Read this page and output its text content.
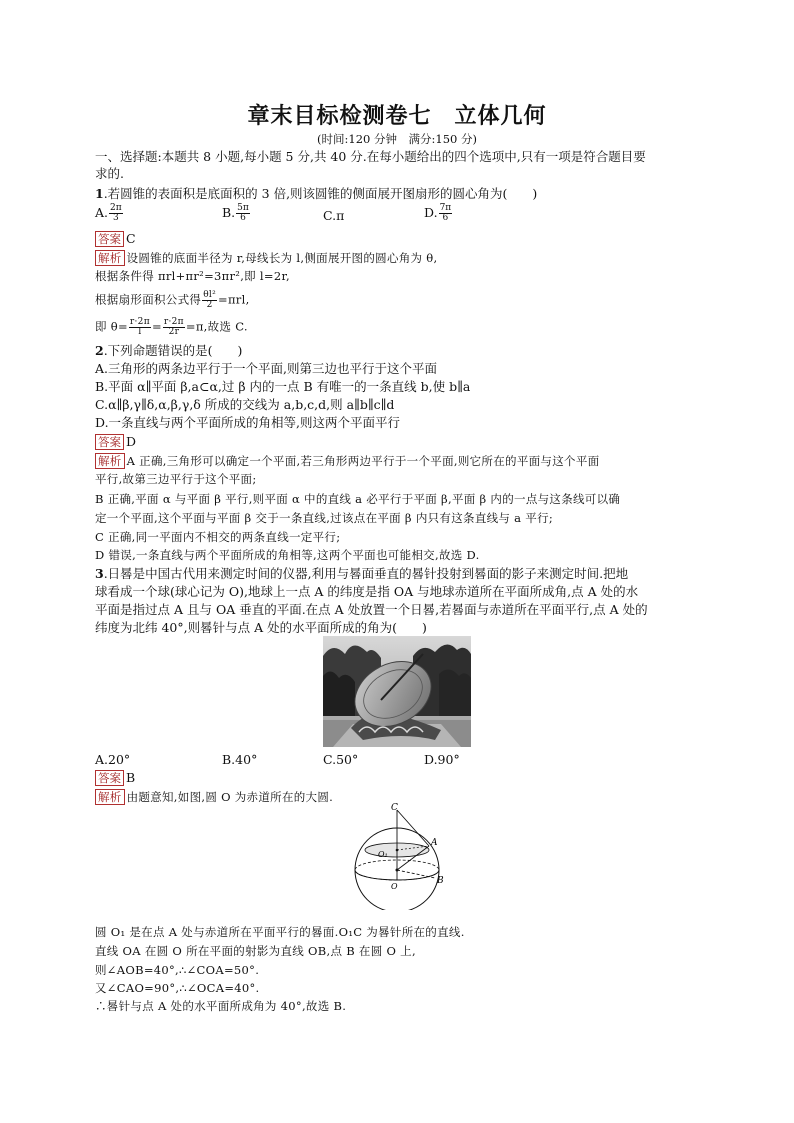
章末目标检测卷七　立体几何
(时间:120 分钟　满分:150 分)
一、选择题:本题共 8 小题,每小题 5 分,共 40 分.在每小题给出的四个选项中,只有一项是符合题目要
求的.
1.若圆锥的表面积是底面积的 3 倍,则该圆锥的侧面展开图扇形的圆心角为(　　)
A. $\frac{2\pi}{3}$	B. $\frac{5\pi}{6}$	C.π	D. $\frac{7\pi}{6}$
答案 C
解析 设圆锥的底面半径为 r,母线长为 l,侧面展开图的圆心角为 θ,
根据条件得 πrl+πr²=3πr²,即 l=2r,
根据扇形面积公式得 $\frac{\text{θl²}}{2} =\pi rl$,
即 $\theta= \frac{r\cdot 2\pi}{l} = \frac{r\cdot 2\pi}{2r} =\pi$,故选 C.
2.下列命题错误的是(　　)
A.三角形的两条边平行于一个平面,则第三边也平行于这个平面
B.平面 α∥平面 β,a⊂α,过 β 内的一点 B 有唯一的一条直线 b,使 b∥a
C.α∥β,γ∥δ,α,β,γ,δ 所成的交线为 a,b,c,d,则 a∥b∥c∥d
D.一条直线与两个平面所成的角相等,则这两个平面平行
答案 D
解析 A 正确,三角形可以确定一个平面,若三角形两边平行于一个平面,则它所在的平面与这个平面
平行,故第三边平行于这个平面;
B 正确,平面 α 与平面 β 平行,则平面 α 中的直线 a 必平行于平面 β,平面 β 内的一点与这条线可以确
定一个平面,这个平面与平面 β 交于一条直线,过该点在平面 β 内只有这条直线与 a 平行;
C 正确,同一平面内不相交的两条直线一定平行;
D 错误,一条直线与两个平面所成的角相等,这两个平面也可能相交,故选 D.
3.日晷是中国古代用来测定时间的仪器,利用与晷面垂直的晷针投射到晷面的影子来测定时间.把地
球看成一个球(球心记为 O),地球上一点 A 的纬度是指 OA 与地球赤道所在平面所成角,点 A 处的水
平面是指过点 A 且与 OA 垂直的平面.在点 A 处放置一个日晷,若晷面与赤道所在平面平行,点 A 处的
纬度为北纬 40°,则晷针与点 A 处的水平面所成的角为(　　)
A.20°	B.40°	C.50°	D.90°
答案 B
解析 由题意知,如图,圆 O 为赤道所在的大圆.
C
A
O₁
O
B
圆 O₁ 是在点 A 处与赤道所在平面平行的晷面.O₁C 为晷针所在的直线.
直线 OA 在圆 O 所在平面的射影为直线 OB,点 B 在圆 O 上,
则∠AOB=40°,∴∠COA=50°.
又∠CAO=90°,∴∠OCA=40°.
∴晷针与点 A 处的水平面所成角为 40°,故选 B.
